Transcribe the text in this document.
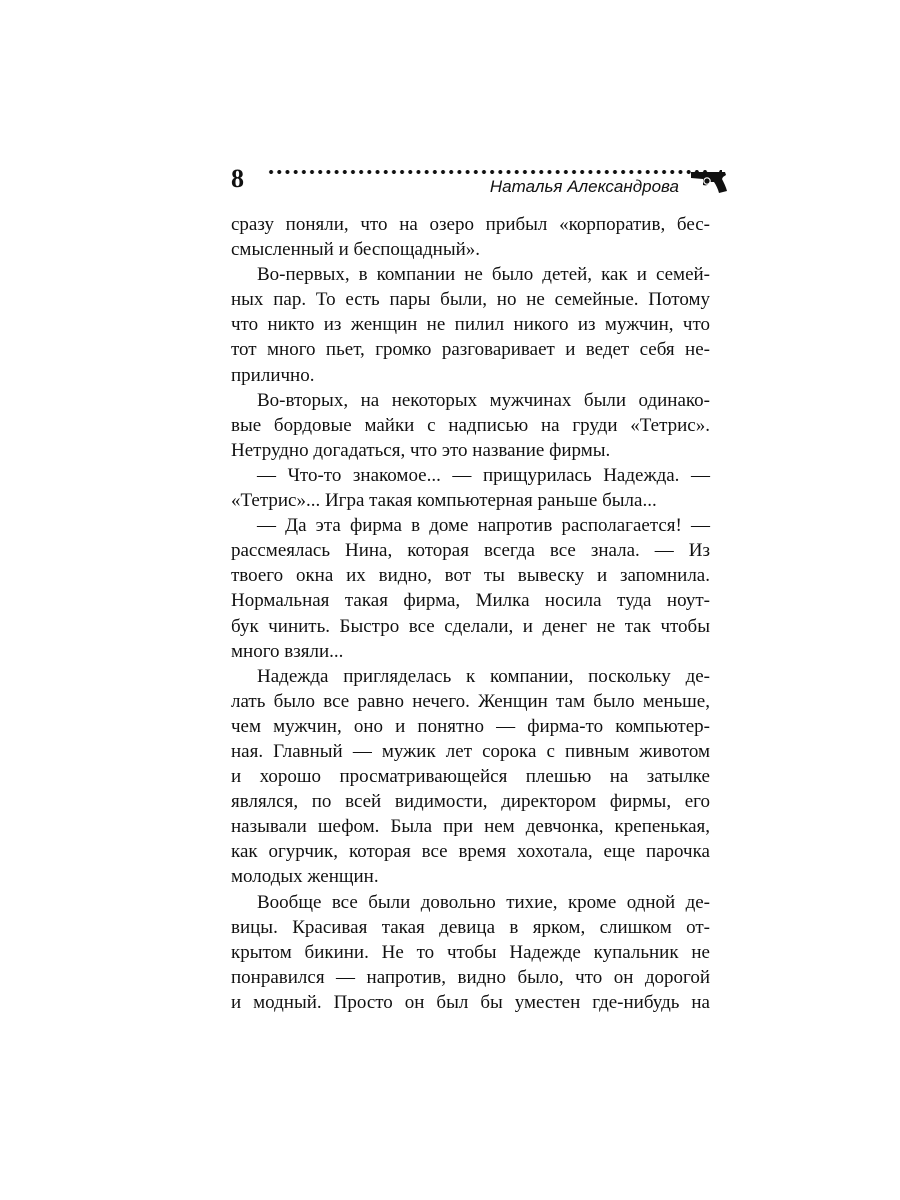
8	Наталья Александрова

сразу поняли, что на озеро прибыл «корпоратив, бес-
смысленный и беспощадный».

Во-первых, в компании не было детей, как и семей-
ных пар. То есть пары были, но не семейные. Потому
что никто из женщин не пилил никого из мужчин, что
тот много пьет, громко разговаривает и ведет себя не-
прилично.

Во-вторых, на некоторых мужчинах были одинако-
вые бордовые майки с надписью на груди «Тетрис».
Нетрудно догадаться, что это название фирмы.

— Что-то знакомое... — прищурилась Надежда. —
«Тетрис»... Игра такая компьютерная раньше была...

— Да эта фирма в доме напротив располагается! —
рассмеялась Нина, которая всегда все знала. — Из
твоего окна их видно, вот ты вывеску и запомнила.
Нормальная такая фирма, Милка носила туда ноут-
бук чинить. Быстро все сделали, и денег не так чтобы
много взяли...

Надежда пригляделась к компании, поскольку де-
лать было все равно нечего. Женщин там было меньше,
чем мужчин, оно и понятно — фирма-то компьютер-
ная. Главный — мужик лет сорока с пивным животом
и хорошо просматривающейся плешью на затылке
являлся, по всей видимости, директором фирмы, его
называли шефом. Была при нем девчонка, крепенькая,
как огурчик, которая все время хохотала, еще парочка
молодых женщин.

Вообще все были довольно тихие, кроме одной де-
вицы. Красивая такая девица в ярком, слишком от-
крытом бикини. Не то чтобы Надежде купальник не
понравился — напротив, видно было, что он дорогой
и модный. Просто он был бы уместен где-нибудь на
